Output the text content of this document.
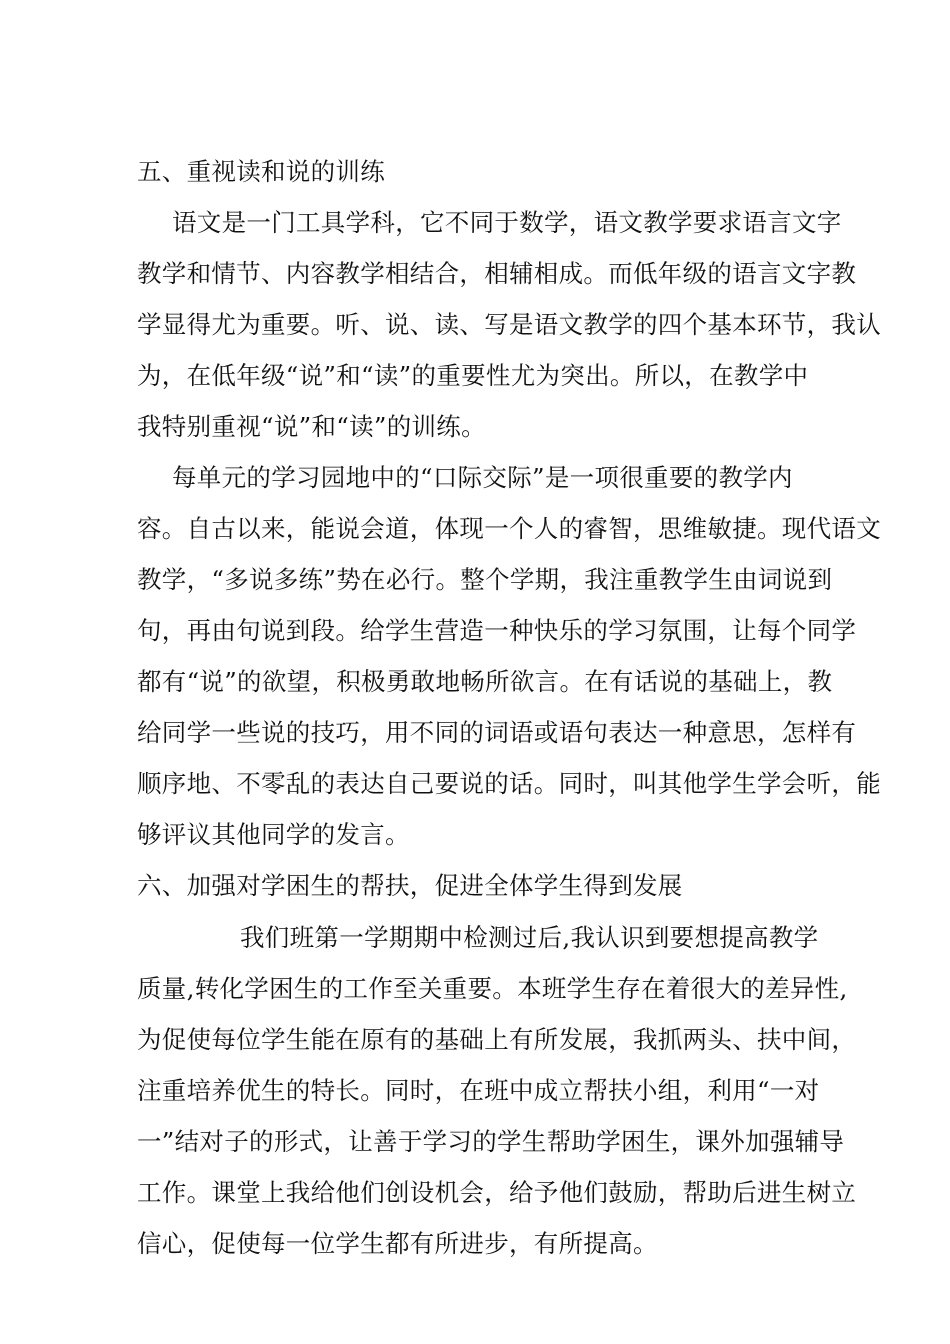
五、重视读和说的训练
语文是一门工具学科，它不同于数学，语文教学要求语言文字
教学和情节、内容教学相结合，相辅相成。而低年级的语言文字教
学显得尤为重要。听、说、读、写是语文教学的四个基本环节，我认
为，在低年级“说”和“读”的重要性尤为突出。所以，在教学中
我特别重视“说”和“读”的训练。
每单元的学习园地中的“口际交际”是一项很重要的教学内
容。自古以来，能说会道，体现一个人的睿智，思维敏捷。现代语文
教学，“多说多练”势在必行。整个学期，我注重教学生由词说到
句，再由句说到段。给学生营造一种快乐的学习氛围，让每个同学
都有“说”的欲望，积极勇敢地畅所欲言。在有话说的基础上，教
给同学一些说的技巧，用不同的词语或语句表达一种意思，怎样有
顺序地、不零乱的表达自己要说的话。同时，叫其他学生学会听，能
够评议其他同学的发言。
六、加强对学困生的帮扶，促进全体学生得到发展
我们班第一学期期中检测过后,我认识到要想提高教学
质量,转化学困生的工作至关重要。本班学生存在着很大的差异性,
为促使每位学生能在原有的基础上有所发展，我抓两头、扶中间，
注重培养优生的特长。同时，在班中成立帮扶小组，利用“一对
一”结对子的形式，让善于学习的学生帮助学困生，课外加强辅导
工作。课堂上我给他们创设机会，给予他们鼓励，帮助后进生树立
信心，促使每一位学生都有所进步，有所提高。
